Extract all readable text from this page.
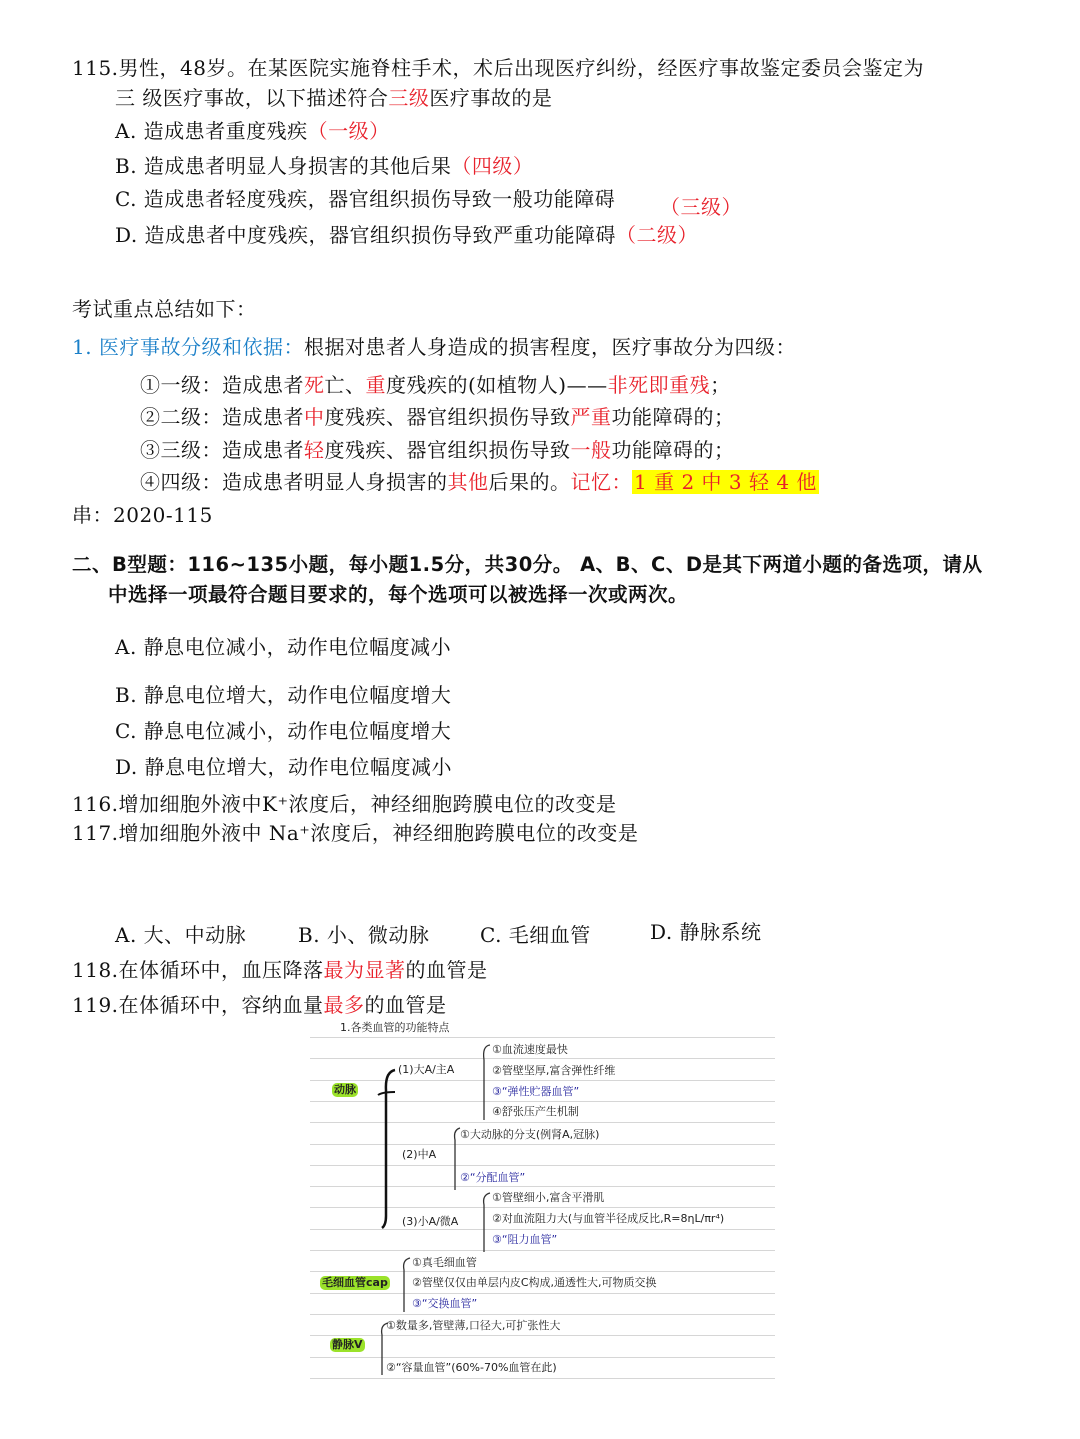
115.男性，48岁。在某医院实施脊柱手术，术后出现医疗纠纷，经医疗事故鉴定委员会鉴定为
三 级医疗事故，以下描述符合三级医疗事故的是
A. 造成患者重度残疾（一级）
B. 造成患者明显人身损害的其他后果（四级）
C. 造成患者轻度残疾，器官组织损伤导致一般功能障碍 （三级）
D. 造成患者中度残疾，器官组织损伤导致严重功能障碍（二级）
考试重点总结如下：
1. 医疗事故分级和依据：根据对患者人身造成的损害程度，医疗事故分为四级：
①一级：造成患者死亡、重度残疾的(如植物人)——非死即重残；
②二级：造成患者中度残疾、器官组织损伤导致严重功能障碍的；
③三级：造成患者轻度残疾、器官组织损伤导致一般功能障碍的；
④四级：造成患者明显人身损害的其他后果的。记忆： 1 重 2 中 3 轻 4 他
串：2020-115
二、B型题：116~135小题，每小题1.5分，共30分。 A、B、C、D是其下两道小题的备选项，请从
中选择一项最符合题目要求的，每个选项可以被选择一次或两次。
A. 静息电位减小，动作电位幅度减小
B. 静息电位增大，动作电位幅度增大
C. 静息电位减小，动作电位幅度增大
D. 静息电位增大，动作电位幅度减小
116.增加细胞外液中K⁺浓度后，神经细胞跨膜电位的改变是
117.增加细胞外液中 Na⁺浓度后，神经细胞跨膜电位的改变是
A. 大、中动脉	B. 小、微动脉	C. 毛细血管	D. 静脉系统
118.在体循环中，血压降落最为显著的血管是
119.在体循环中，容纳血量最多的血管是
1.各类血管的功能特点
动脉
(1)大A/主A
①血流速度最快
②管壁坚厚,富含弹性纤维
③“弹性贮器血管”
④舒张压产生机制
(2)中A
①大动脉的分支(例肾A,冠脉)
②“分配血管”
(3)小A/微A
①管壁细小,富含平滑肌
②对血流阻力大(与血管半径成反比,R=8ηL/πr⁴)
③“阻力血管”
毛细血管cap
①真毛细血管
②管壁仅仅由单层内皮C构成,通透性大,可物质交换
③“交换血管”
静脉V
①数量多,管壁薄,口径大,可扩张性大
②“容量血管”(60%-70%血管在此)
